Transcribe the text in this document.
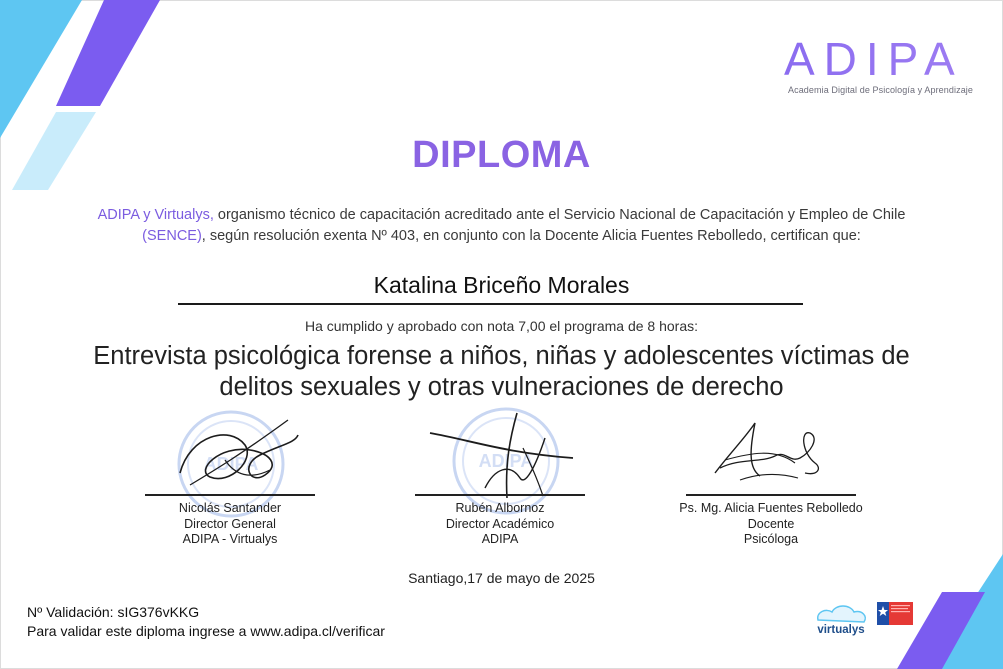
ADIPA
Academia Digital de Psicología y Aprendizaje
DIPLOMA
ADIPA y Virtualys, organismo técnico de capacitación acreditado ante el Servicio Nacional de Capacitación y Empleo de Chile (SENCE), según resolución exenta Nº 403, en conjunto con la Docente Alicia Fuentes Rebolledo, certifican que:
Katalina Briceño Morales
Ha cumplido y aprobado con nota 7,00 el programa de 8 horas:
Entrevista psicológica forense a niños, niñas y adolescentes víctimas de delitos sexuales y otras vulneraciones de derecho
ADIPA	ADIPA
Nicolás Santander
Director General
ADIPA - Virtualys
Rubén Albornoz
Director Académico
ADIPA
Ps. Mg. Alicia Fuentes Rebolledo
Docente
Psicóloga
Santiago,17 de mayo de 2025
Nº Validación: sIG376vKKG
Para validar este diploma ingrese a www.adipa.cl/verificar	virtualys
